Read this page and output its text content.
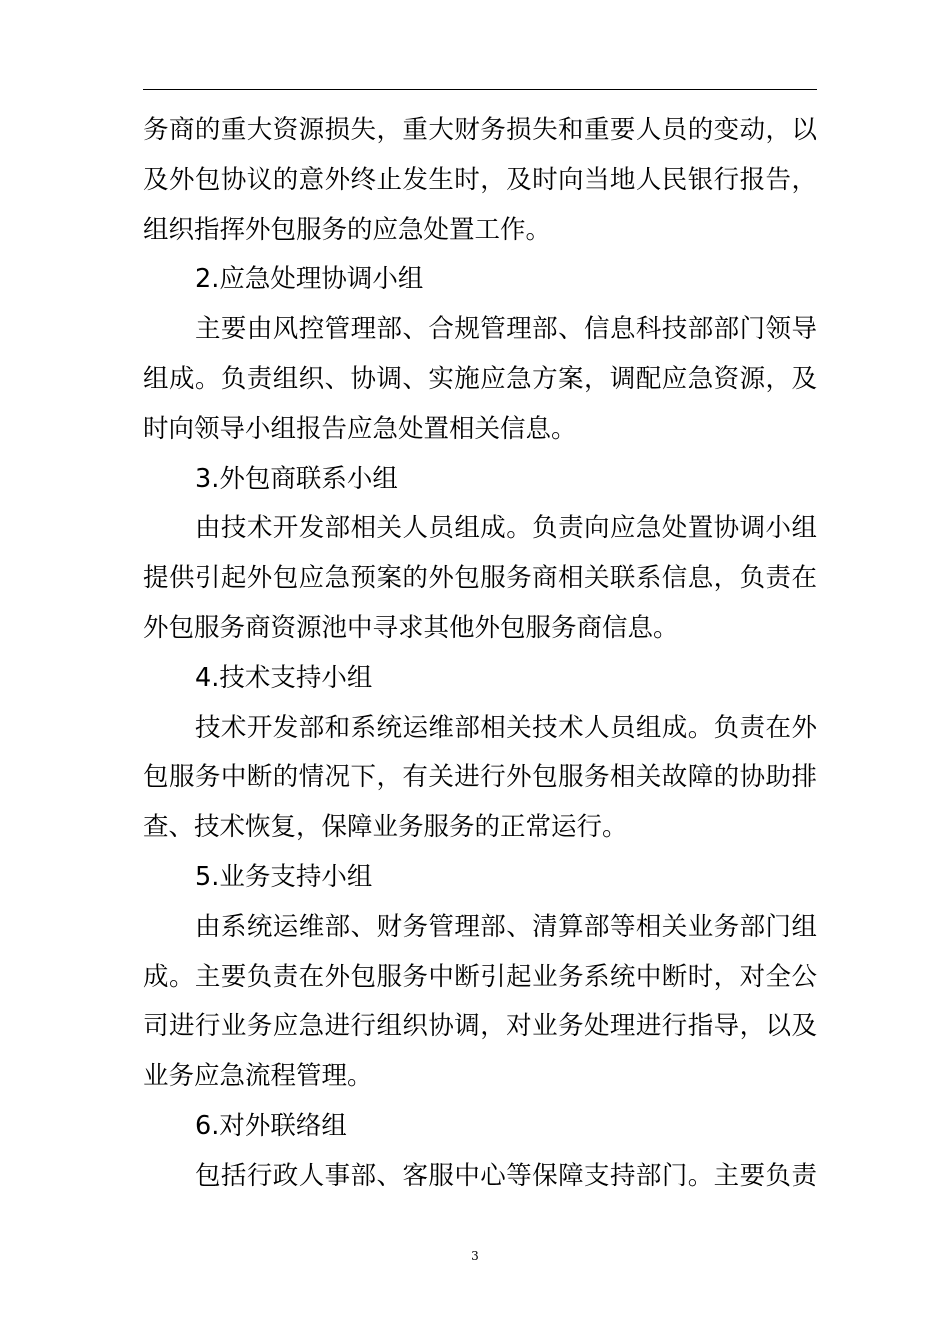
务商的重大资源损失，重大财务损失和重要人员的变动，以
及外包协议的意外终止发生时，及时向当地人民银行报告，
组织指挥外包服务的应急处置工作。
2.应急处理协调小组
主要由风控管理部、合规管理部、信息科技部部门领导
组成。负责组织、协调、实施应急方案，调配应急资源，及
时向领导小组报告应急处置相关信息。
3.外包商联系小组
由技术开发部相关人员组成。负责向应急处置协调小组
提供引起外包应急预案的外包服务商相关联系信息，负责在
外包服务商资源池中寻求其他外包服务商信息。
4.技术支持小组
技术开发部和系统运维部相关技术人员组成。负责在外
包服务中断的情况下，有关进行外包服务相关故障的协助排
查、技术恢复，保障业务服务的正常运行。
5.业务支持小组
由系统运维部、财务管理部、清算部等相关业务部门组
成。主要负责在外包服务中断引起业务系统中断时，对全公
司进行业务应急进行组织协调，对业务处理进行指导，以及
业务应急流程管理。
6.对外联络组
包括行政人事部、客服中心等保障支持部门。主要负责
3
